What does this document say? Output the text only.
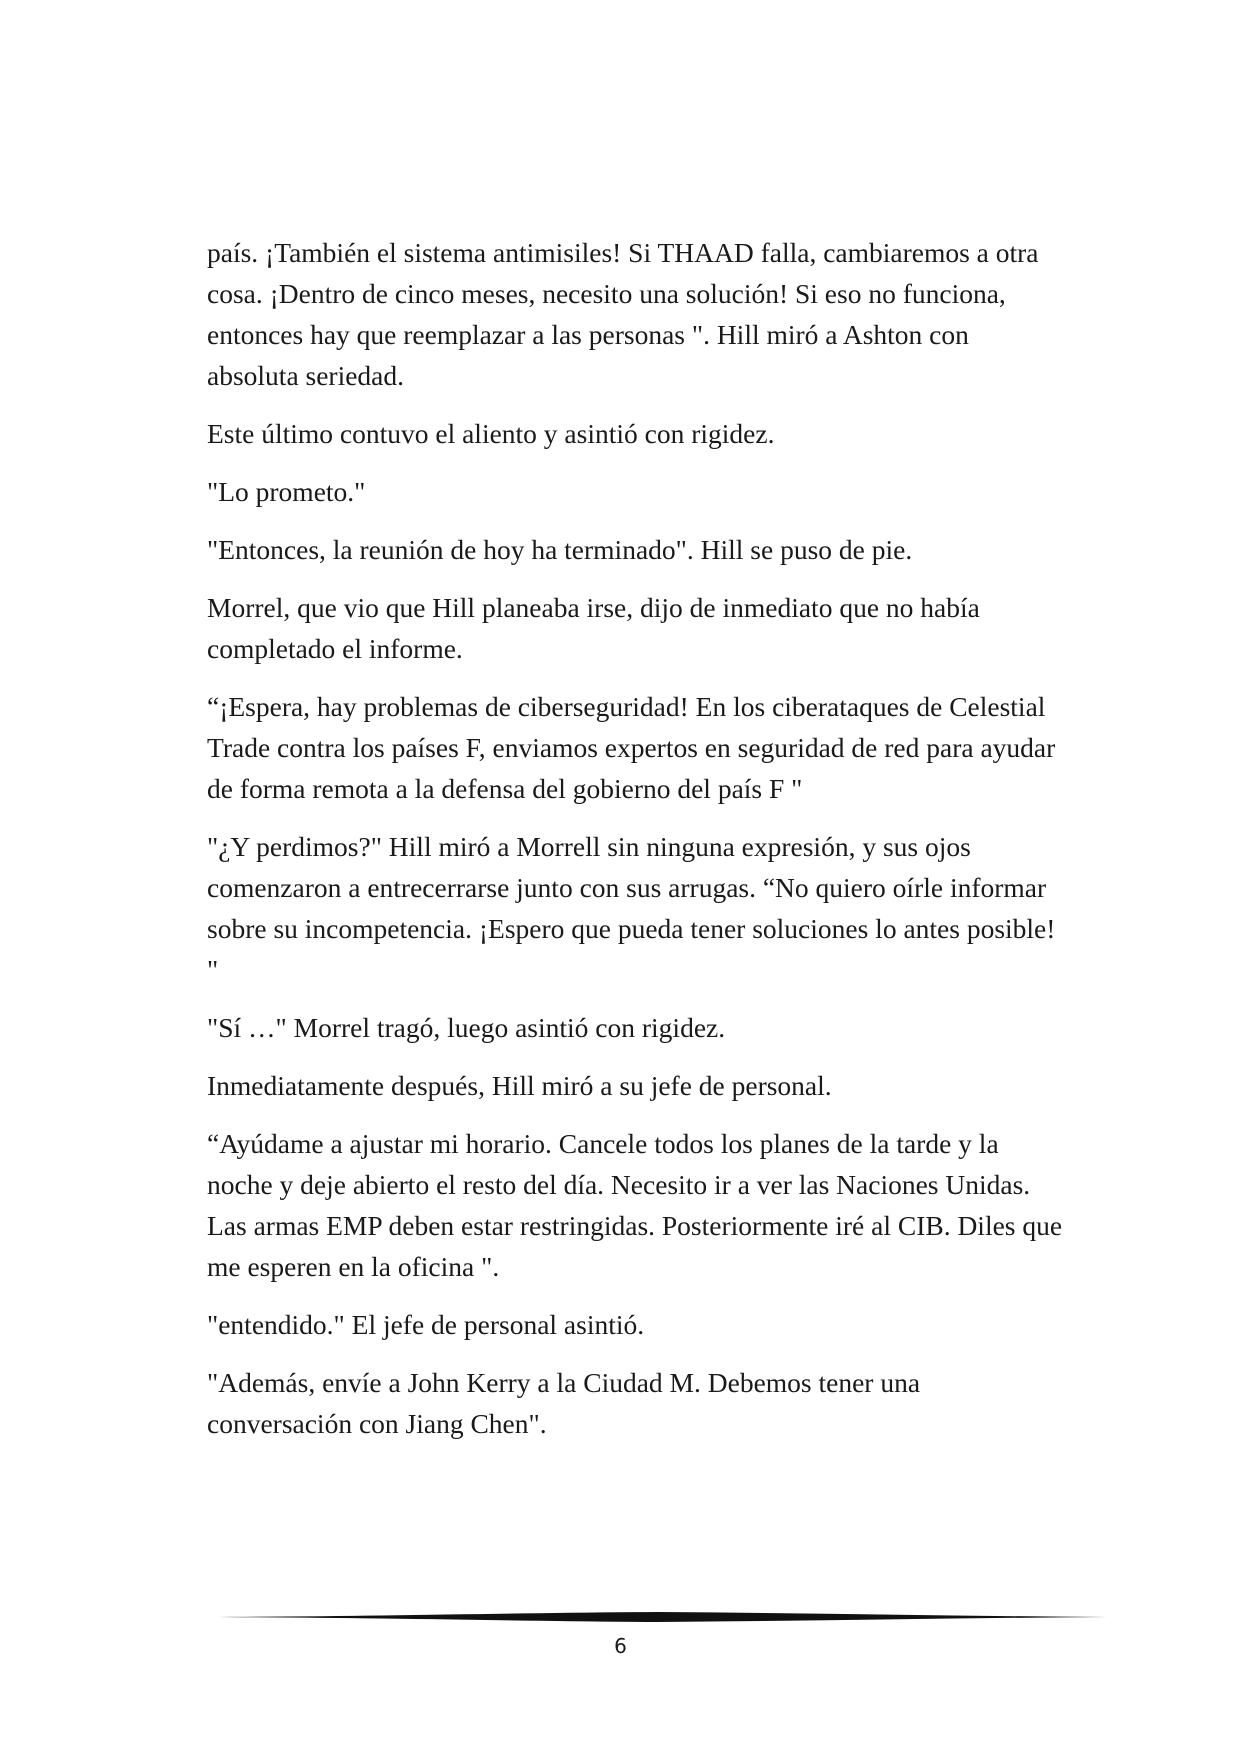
país. ¡También el sistema antimisiles! Si THAAD falla, cambiaremos a otra cosa. ¡Dentro de cinco meses, necesito una solución! Si eso no funciona, entonces hay que reemplazar a las personas ". Hill miró a Ashton con absoluta seriedad.

Este último contuvo el aliento y asintió con rigidez.

"Lo prometo."

"Entonces, la reunión de hoy ha terminado". Hill se puso de pie.

Morrel, que vio que Hill planeaba irse, dijo de inmediato que no había completado el informe.

“¡Espera, hay problemas de ciberseguridad! En los ciberataques de Celestial Trade contra los países F, enviamos expertos en seguridad de red para ayudar de forma remota a la defensa del gobierno del país F "

"¿Y perdimos?" Hill miró a Morrell sin ninguna expresión, y sus ojos comenzaron a entrecerrarse junto con sus arrugas. “No quiero oírle informar sobre su incompetencia. ¡Espero que pueda tener soluciones lo antes posible! "

"Sí …" Morrel tragó, luego asintió con rigidez.

Inmediatamente después, Hill miró a su jefe de personal.

“Ayúdame a ajustar mi horario. Cancele todos los planes de la tarde y la noche y deje abierto el resto del día. Necesito ir a ver las Naciones Unidas. Las armas EMP deben estar restringidas. Posteriormente iré al CIB. Diles que me esperen en la oficina ".

"entendido." El jefe de personal asintió.

"Además, envíe a John Kerry a la Ciudad M. Debemos tener una conversación con Jiang Chen".

6
